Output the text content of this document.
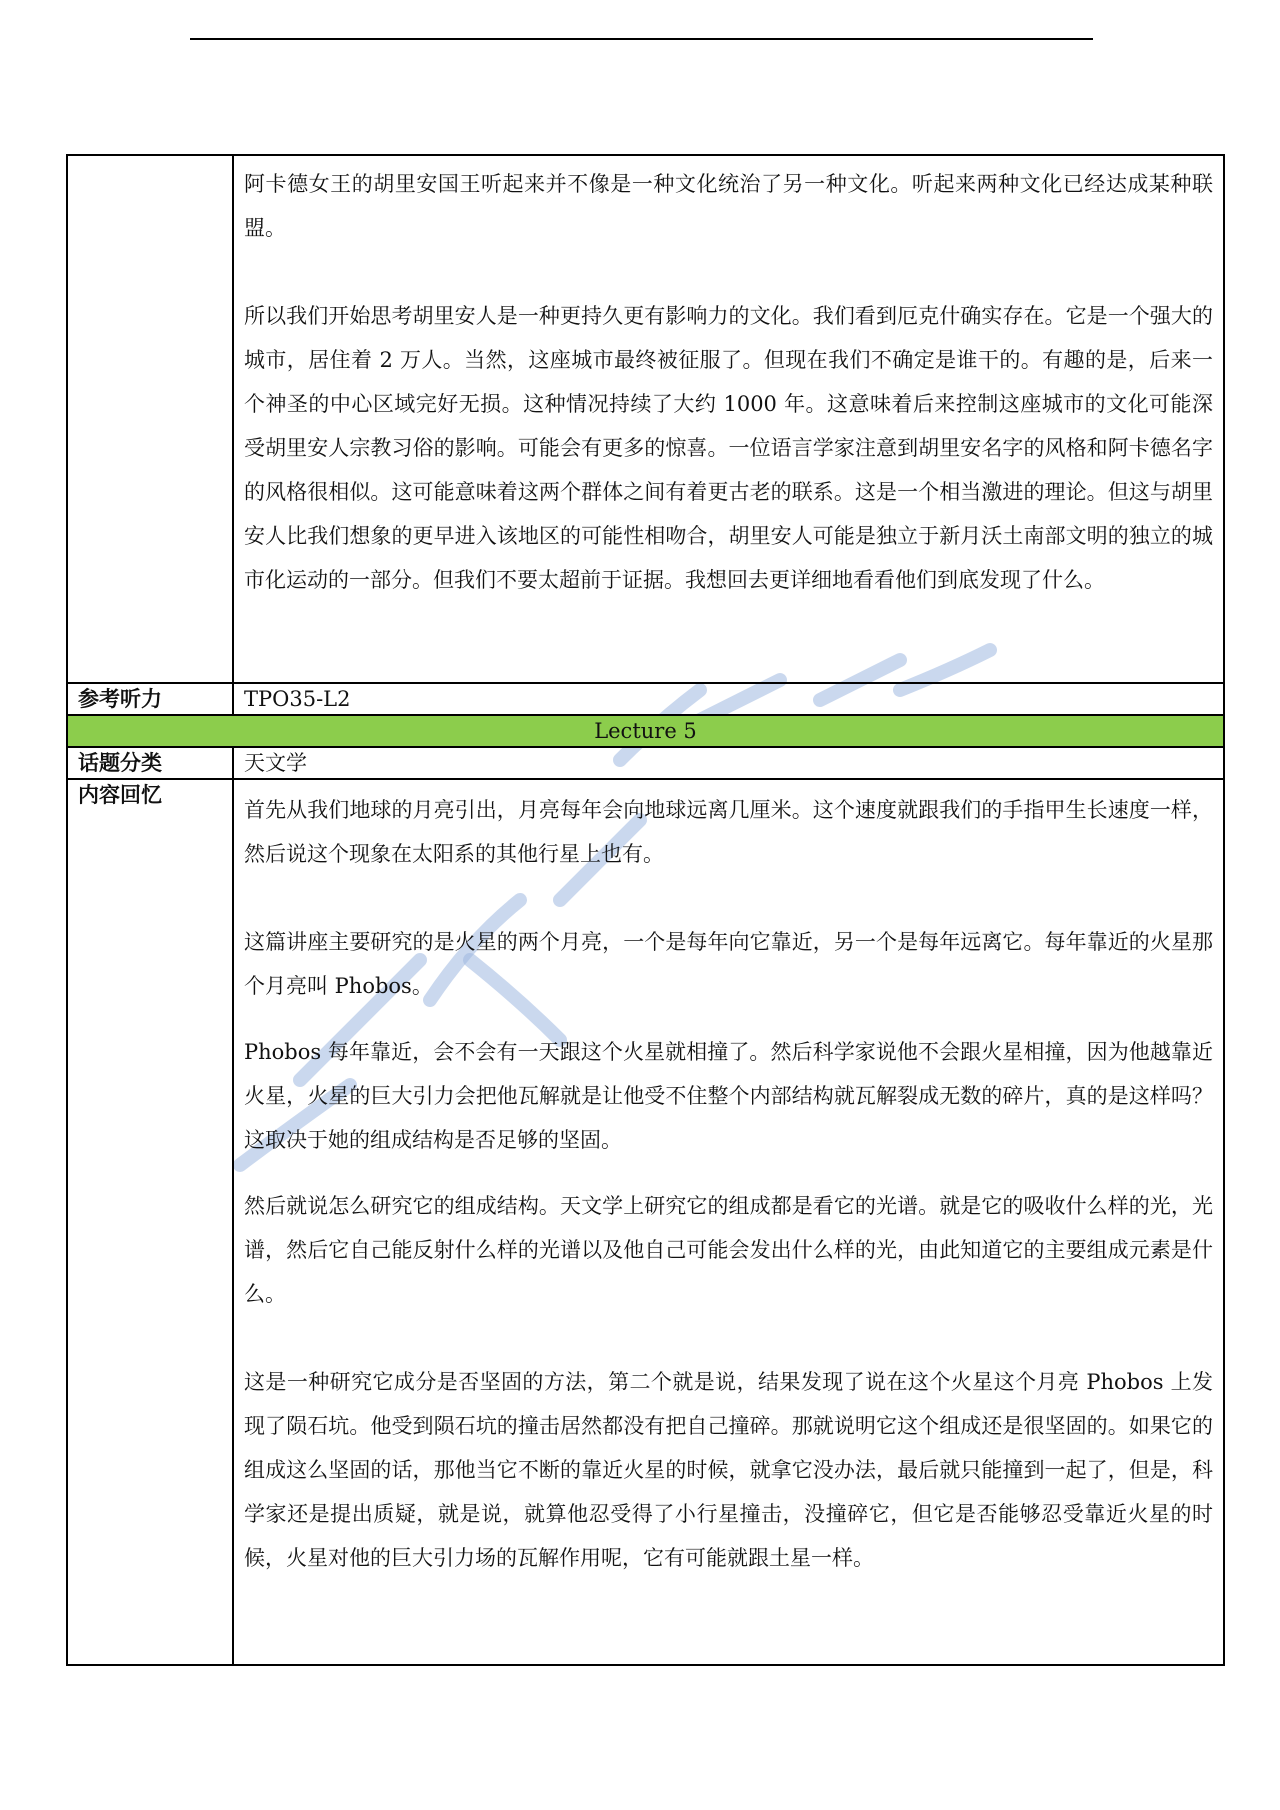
	阿卡德女王的胡里安国王听起来并不像是一种文化统治了另一种文化。听起来两种文化已经达成某种联盟。

所以我们开始思考胡里安人是一种更持久更有影响力的文化。我们看到厄克什确实存在。它是一个强大的城市，居住着 2 万人。当然，这座城市最终被征服了。但现在我们不确定是谁干的。有趣的是，后来一个神圣的中心区域完好无损。这种情况持续了大约 1000 年。这意味着后来控制这座城市的文化可能深受胡里安人宗教习俗的影响。可能会有更多的惊喜。一位语言学家注意到胡里安名字的风格和阿卡德名字的风格很相似。这可能意味着这两个群体之间有着更古老的联系。这是一个相当激进的理论。但这与胡里安人比我们想象的更早进入该地区的可能性相吻合，胡里安人可能是独立于新月沃土南部文明的独立的城市化运动的一部分。但我们不要太超前于证据。我想回去更详细地看看他们到底发现了什么。

参考听力	TPO35-L2
Lecture 5	
话题分类	天文学
内容回忆	首先从我们地球的月亮引出，月亮每年会向地球远离几厘米。这个速度就跟我们的手指甲生长速度一样，然后说这个现象在太阳系的其他行星上也有。

这篇讲座主要研究的是火星的两个月亮，一个是每年向它靠近，另一个是每年远离它。每年靠近的火星那个月亮叫 Phobos。

Phobos 每年靠近，会不会有一天跟这个火星就相撞了。然后科学家说他不会跟火星相撞，因为他越靠近火星，火星的巨大引力会把他瓦解就是让他受不住整个内部结构就瓦解裂成无数的碎片，真的是这样吗？这取决于她的组成结构是否足够的坚固。

然后就说怎么研究它的组成结构。天文学上研究它的组成都是看它的光谱。就是它的吸收什么样的光，光谱，然后它自己能反射什么样的光谱以及他自己可能会发出什么样的光，由此知道它的主要组成元素是什么。

这是一种研究它成分是否坚固的方法，第二个就是说，结果发现了说在这个火星这个月亮 Phobos 上发现了陨石坑。他受到陨石坑的撞击居然都没有把自己撞碎。那就说明它这个组成还是很坚固的。如果它的组成这么坚固的话，那他当它不断的靠近火星的时候，就拿它没办法，最后就只能撞到一起了，但是，科学家还是提出质疑，就是说，就算他忍受得了小行星撞击，没撞碎它，但它是否能够忍受靠近火星的时候，火星对他的巨大引力场的瓦解作用呢，它有可能就跟土星一样。
